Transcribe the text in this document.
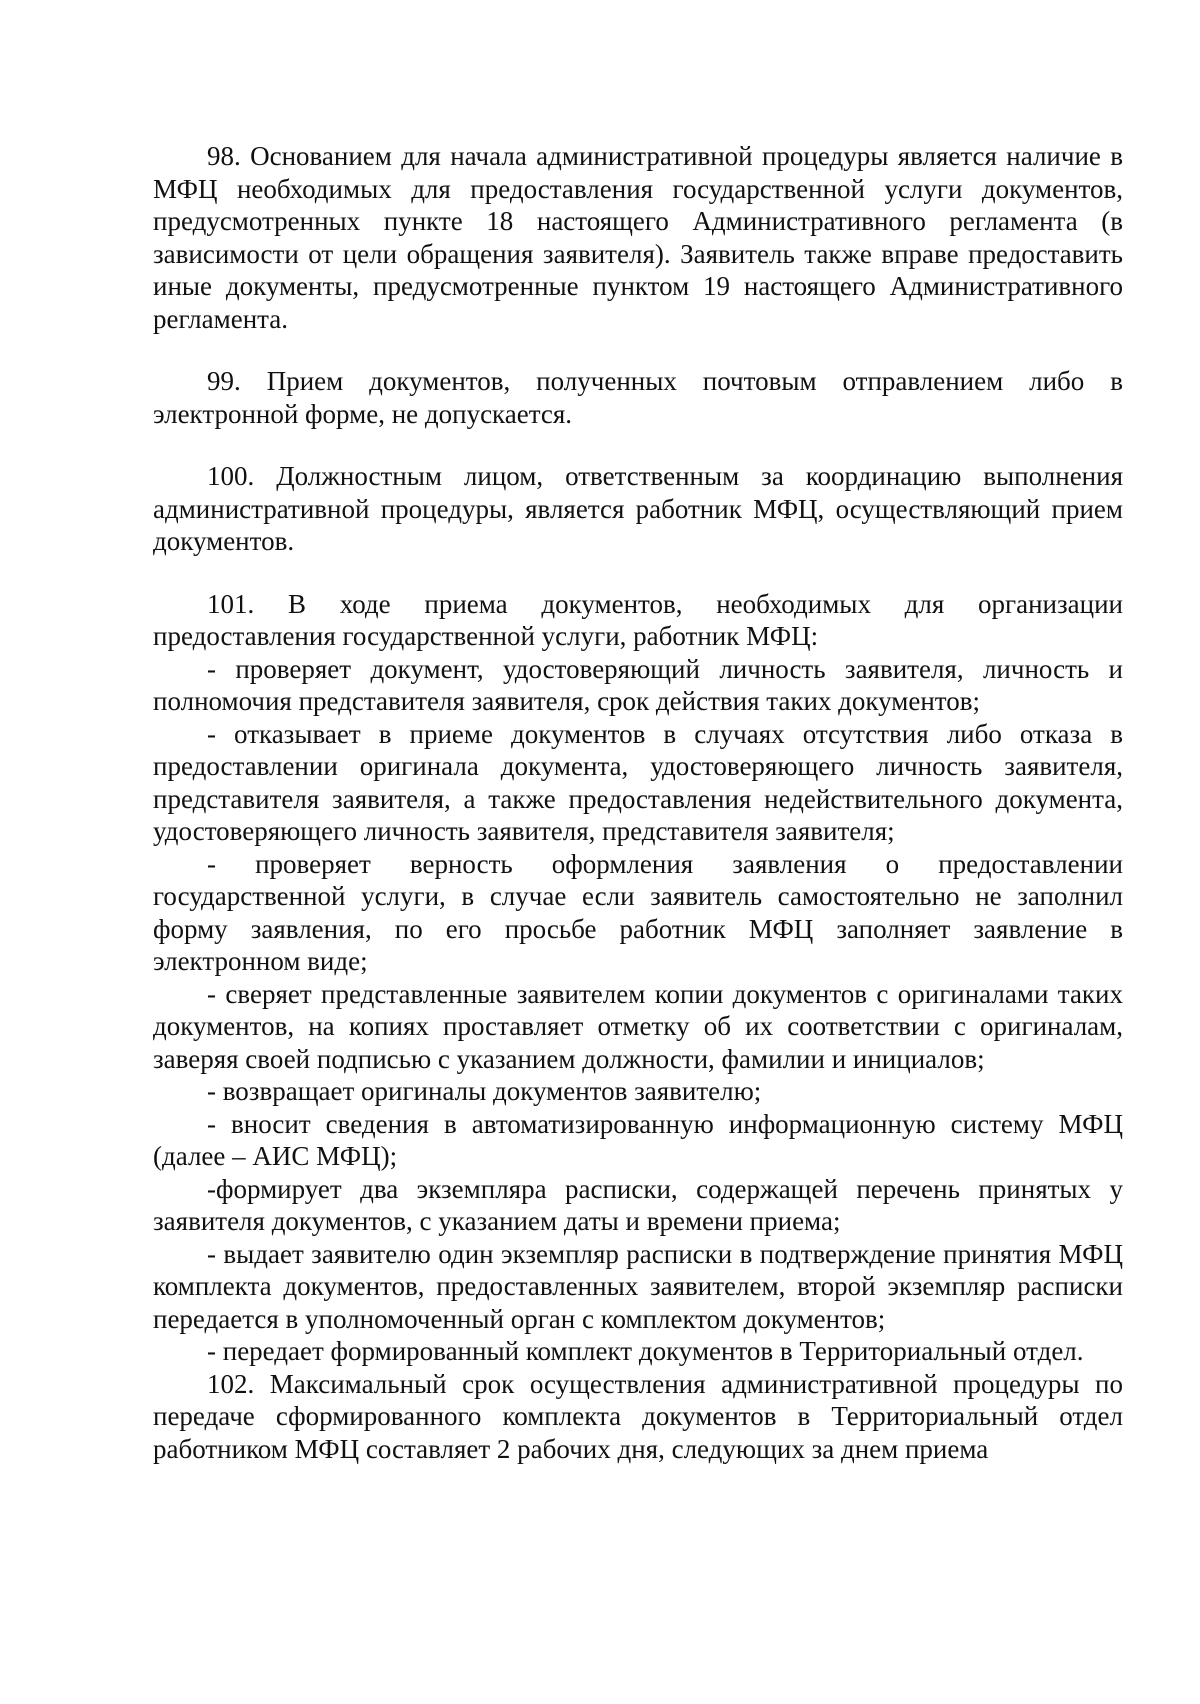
98. Основанием для начала административной процедуры является наличие в МФЦ необходимых для предоставления государственной услуги документов, предусмотренных пункте 18 настоящего Административного регламента (в зависимости от цели обращения заявителя). Заявитель также вправе предоставить иные документы, предусмотренные пунктом 19 настоящего Административного регламента.

99. Прием документов, полученных почтовым отправлением либо в электронной форме, не допускается.

100. Должностным лицом, ответственным за координацию выполнения административной процедуры, является работник МФЦ, осуществляющий прием документов.

101. В ходе приема документов, необходимых для организации предоставления государственной услуги, работник МФЦ:

- проверяет документ, удостоверяющий личность заявителя, личность и полномочия представителя заявителя, срок действия таких документов;

- отказывает в приеме документов в случаях отсутствия либо отказа в предоставлении оригинала документа, удостоверяющего личность заявителя, представителя заявителя, а также предоставления недействительного документа, удостоверяющего личность заявителя, представителя заявителя;

- проверяет верность оформления заявления о предоставлении государственной услуги, в случае если заявитель самостоятельно не заполнил форму заявления, по его просьбе работник МФЦ заполняет заявление в электронном виде;

- сверяет представленные заявителем копии документов с оригиналами таких документов, на копиях проставляет отметку об их соответствии с оригиналам, заверяя своей подписью с указанием должности, фамилии и инициалов;

- возвращает оригиналы документов заявителю;

- вносит сведения в автоматизированную информационную систему МФЦ (далее – АИС МФЦ);

-формирует два экземпляра расписки, содержащей перечень принятых у заявителя документов, с указанием даты и времени приема;

- выдает заявителю один экземпляр расписки в подтверждение принятия МФЦ комплекта документов, предоставленных заявителем, второй экземпляр расписки передается в уполномоченный орган с комплектом документов;

- передает формированный комплект документов в Территориальный отдел.

102. Максимальный срок осуществления административной процедуры по передаче сформированного комплекта документов в Территориальный отдел работником МФЦ составляет 2 рабочих дня, следующих за днем приема
